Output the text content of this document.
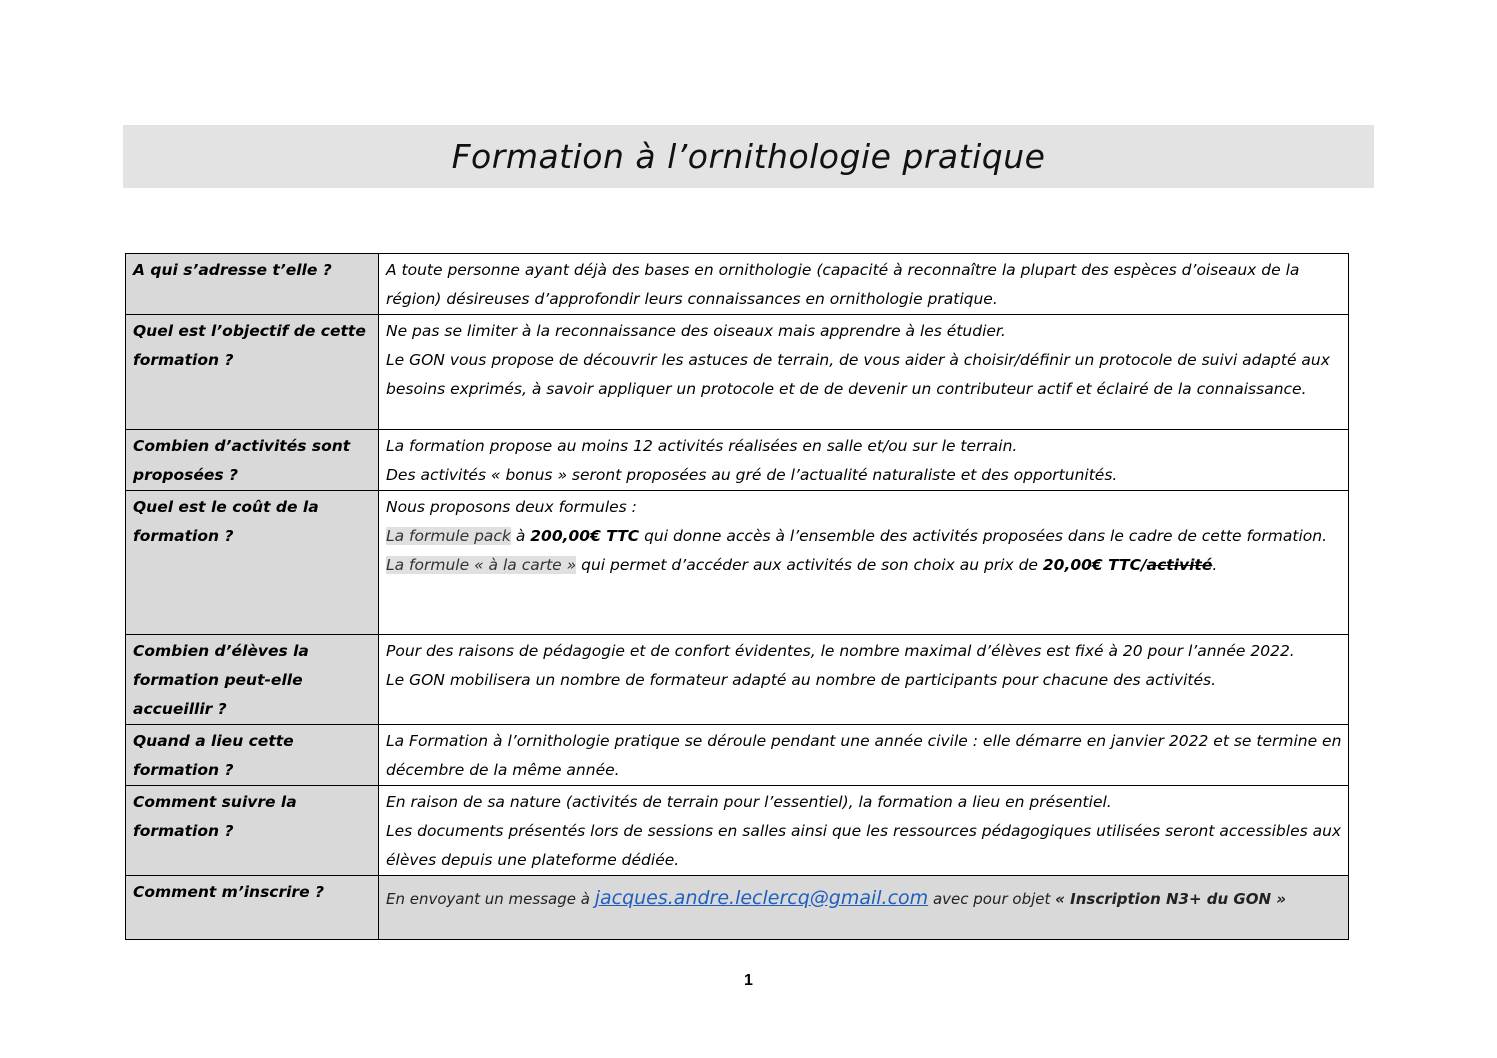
Formation à l’ornithologie pratique
A qui s’adresse t’elle ?	A toute personne ayant déjà des bases en ornithologie (capacité à reconnaître la plupart des espèces d’oiseaux de la région) désireuses d’approfondir leurs connaissances en ornithologie pratique.

Quel est l’objectif de cette formation ?	Ne pas se limiter à la reconnaissance des oiseaux mais apprendre à les étudier.
Le GON vous propose de découvrir les astuces de terrain, de vous aider à choisir/définir un protocole de suivi adapté aux besoins exprimés, à savoir appliquer un protocole et de de devenir un contributeur actif et éclairé de la connaissance.

Combien d’activités sont proposées ?	La formation propose au moins 12 activités réalisées en salle et/ou sur le terrain.
Des activités « bonus » seront proposées au gré de l’actualité naturaliste et des opportunités.

Quel est le coût de la formation ?	Nous proposons deux formules :
La formule pack à 200,00€ TTC qui donne accès à l’ensemble des activités proposées dans le cadre de cette formation.
La formule « à la carte » qui permet d’accéder aux activités de son choix au prix de 20,00€ TTC/activité.

Combien d’élèves la formation peut-elle accueillir ?	Pour des raisons de pédagogie et de confort évidentes, le nombre maximal d’élèves est fixé à 20 pour l’année 2022.
Le GON mobilisera un nombre de formateur adapté au nombre de participants pour chacune des activités.

Quand a lieu cette formation ?	La Formation à l’ornithologie pratique se déroule pendant une année civile : elle démarre en janvier 2022 et se termine en décembre de la même année.

Comment suivre la formation ?	En raison de sa nature (activités de terrain pour l’essentiel), la formation a lieu en présentiel.
Les documents présentés lors de sessions en salles ainsi que les ressources pédagogiques utilisées seront accessibles aux élèves depuis une plateforme dédiée.

Comment m’inscrire ?	En envoyant un message à jacques.andre.leclercq@gmail.com avec pour objet « Inscription N3+ du GON »
1
